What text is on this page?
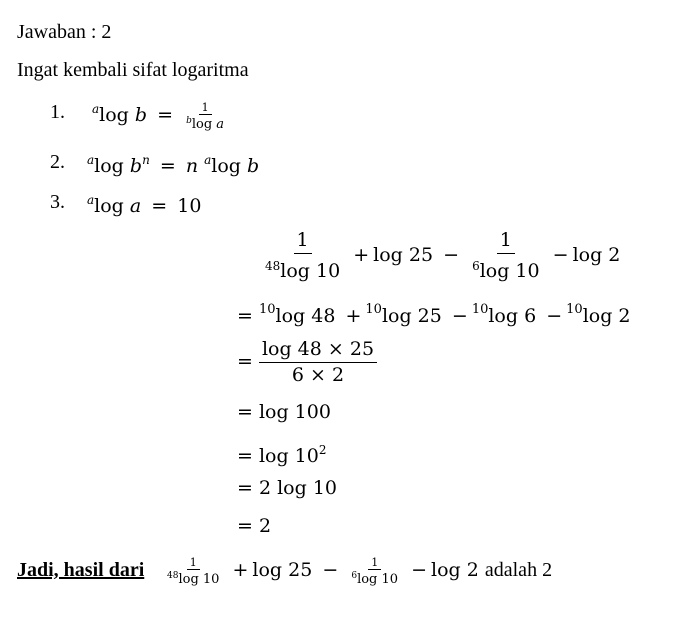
Jawaban : 2
Ingat kembali sifat logaritma
1. $^a$log $b = \frac{1}{^b\log a}$
2. $^a$log $b^n = n$ $^a$log b
3. $^a$log a = 10
$\frac{1}{^{48}\log 10} + \log 25 - \frac{1}{^6\log 10} - \log 2$
= $^{10}$log 48 + $^{10}$log 25 − $^{10}$log 6 − $^{10}$log 2
= $\frac{\log 48 \times 25}{6 \times 2}$
= log 100
= $\log 10^2$
= 2 log 10
= 2
Jadi, hasil dari $\frac{1}{^{48}\log 10} + \log 25 - \frac{1}{^6\log 10} - \log 2$ adalah 2
